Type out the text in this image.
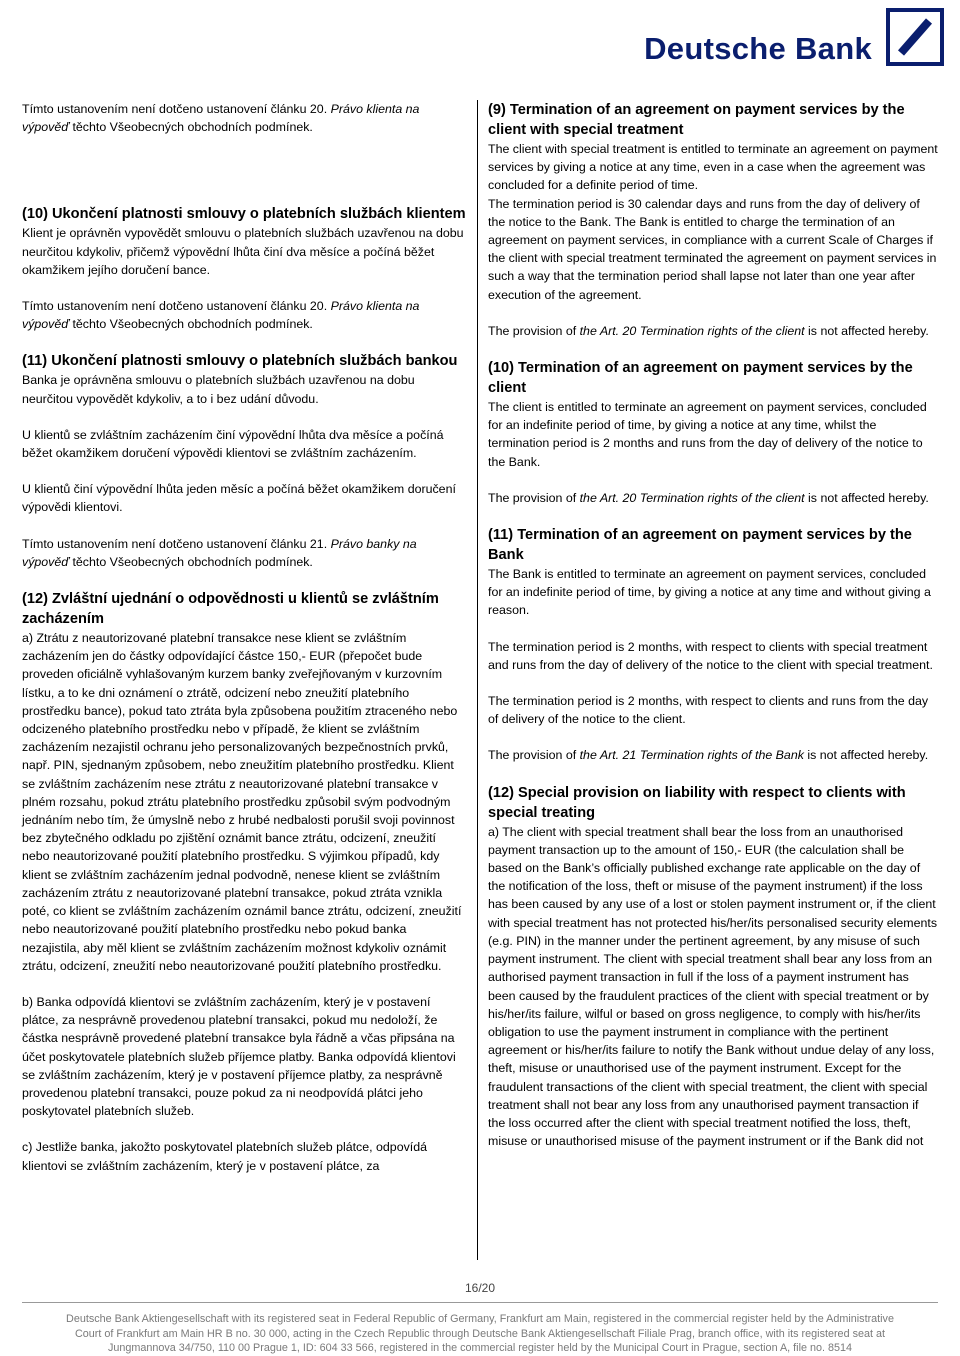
Deutsche Bank

Tímto ustanovením není dotčeno ustanovení článku 20. Právo klienta na výpověď těchto Všeobecných obchodních podmínek.

(10) Ukončení platnosti smlouvy o platebních službách klientem

Klient je oprávněn vypovědět smlouvu o platebních službách uzavřenou na dobu neurčitou kdykoliv, přičemž výpovědní lhůta činí dva měsíce a počíná běžet okamžikem jejího doručení bance.

Tímto ustanovením není dotčeno ustanovení článku 20. Právo klienta na výpověď těchto Všeobecných obchodních podmínek.

(11) Ukončení platnosti smlouvy o platebních službách bankou

Banka je oprávněna smlouvu o platebních službách uzavřenou na dobu neurčitou vypovědět kdykoliv, a to i bez udání důvodu.

U klientů se zvláštním zacházením činí výpovědní lhůta dva měsíce a počíná běžet okamžikem doručení výpovědi klientovi se zvláštním zacházením.

U klientů činí výpovědní lhůta jeden měsíc a počíná běžet okamžikem doručení výpovědi klientovi.

Tímto ustanovením není dotčeno ustanovení článku 21. Právo banky na výpověď těchto Všeobecných obchodních podmínek.

(12) Zvláštní ujednání o odpovědnosti u klientů se zvláštním zacházením

a) Ztrátu z neautorizované platební transakce nese klient se zvláštním zacházením jen do částky odpovídající částce 150,- EUR (přepočet bude proveden oficiálně vyhlašovaným kurzem banky zveřejňovaným v kurzovním lístku, a to ke dni oznámení o ztrátě, odcizení nebo zneužití platebního prostředku bance), pokud tato ztráta byla způsobena použitím ztraceného nebo odcizeného platebního prostředku nebo v případě, že klient se zvláštním zacházením nezajistil ochranu jeho personalizovaných bezpečnostních prvků, např. PIN, sjednaným způsobem, nebo zneužitím platebního prostředku. Klient se zvláštním zacházením nese ztrátu z neautorizované platební transakce v plném rozsahu, pokud ztrátu platebního prostředku způsobil svým podvodným jednáním nebo tím, že úmyslně nebo z hrubé nedbalosti porušil svoji povinnost bez zbytečného odkladu po zjištění oznámit bance ztrátu, odcizení, zneužití nebo neautorizované použití platebního prostředku. S výjimkou případů, kdy klient se zvláštním zacházením jednal podvodně, nenese klient se zvláštním zacházením ztrátu z neautorizované platební transakce, pokud ztráta vznikla poté, co klient se zvláštním zacházením oznámil bance ztrátu, odcizení, zneužití nebo neautorizované použití platebního prostředku nebo pokud banka nezajistila, aby měl klient se zvláštním zacházením možnost kdykoliv oznámit ztrátu, odcizení, zneužití nebo neautorizované použití platebního prostředku.

b) Banka odpovídá klientovi se zvláštním zacházením, který je v postavení plátce, za nesprávně provedenou platební transakci, pokud mu nedoloží, že částka nesprávně provedené platební transakce byla řádně a včas připsána na účet poskytovatele platebních služeb příjemce platby. Banka odpovídá klientovi se zvláštním zacházením, který je v postavení příjemce platby, za nesprávně provedenou platební transakci, pouze pokud za ni neodpovídá plátci jeho poskytovatel platebních služeb.

c) Jestliže banka, jakožto poskytovatel platebních služeb plátce, odpovídá klientovi se zvláštním zacházením, který je v postavení plátce, za

(9) Termination of an agreement on payment services by the client with special treatment

The client with special treatment is entitled to terminate an agreement on payment services by giving a notice at any time, even in a case when the agreement was concluded for a definite period of time.

The termination period is 30 calendar days and runs from the day of delivery of the notice to the Bank. The Bank is entitled to charge the termination of an agreement on payment services, in compliance with a current Scale of Charges if the client with special treatment terminated the agreement on payment services in such a way that the termination period shall lapse not later than one year after execution of the agreement.

The provision of the Art. 20 Termination rights of the client is not affected hereby.

(10) Termination of an agreement on payment services by the client

The client is entitled to terminate an agreement on payment services, concluded for an indefinite period of time, by giving a notice at any time, whilst the termination period is 2 months and runs from the day of delivery of the notice to the Bank.

The provision of the Art. 20 Termination rights of the client is not affected hereby.

(11) Termination of an agreement on payment services by the Bank

The Bank is entitled to terminate an agreement on payment services, concluded for an indefinite period of time, by giving a notice at any time and without giving a reason.

The termination period is 2 months, with respect to clients with special treatment and runs from the day of delivery of the notice to the client with special treatment.

The termination period is 2 months, with respect to clients and runs from the day of delivery of the notice to the client.

The provision of the Art. 21 Termination rights of the Bank is not affected hereby.

(12) Special provision on liability with respect to clients with special treating

a) The client with special treatment shall bear the loss from an unauthorised payment transaction up to the amount of 150,- EUR (the calculation shall be based on the Bank’s officially published exchange rate applicable on the day of the notification of the loss, theft or misuse of the payment instrument) if the loss has been caused by any use of a lost or stolen payment instrument or, if the client with special treatment has not protected his/her/its personalised security elements (e.g. PIN) in the manner under the pertinent agreement, by any misuse of such payment instrument. The client with special treatment shall bear any loss from an authorised payment transaction in full if the loss of a payment instrument has been caused by the fraudulent practices of the client with special treatment or by his/her/its failure, wilful or based on gross negligence, to comply with his/her/its obligation to use the payment instrument in compliance with the pertinent agreement or his/her/its failure to notify the Bank without undue delay of any loss, theft, misuse or unauthorised use of the payment instrument. Except for the fraudulent transactions of the client with special treatment, the client with special treatment shall not bear any loss from any unauthorised payment transaction if the loss occurred after the client with special treatment notified the loss, theft, misuse or unauthorised misuse of the payment instrument or if the Bank did not

16/20
Deutsche Bank Aktiengesellschaft with its registered seat in Federal Republic of Germany, Frankfurt am Main, registered in the commercial register held by the Administrative
Court of Frankfurt am Main HR B no. 30 000, acting in the Czech Republic through Deutsche Bank Aktiengesellschaft Filiale Prag, branch office, with its registered seat at
Jungmannova 34/750, 110 00 Prague 1, ID: 604 33 566, registered in the commercial register held by the Municipal Court in Prague, section A, file no. 8514
